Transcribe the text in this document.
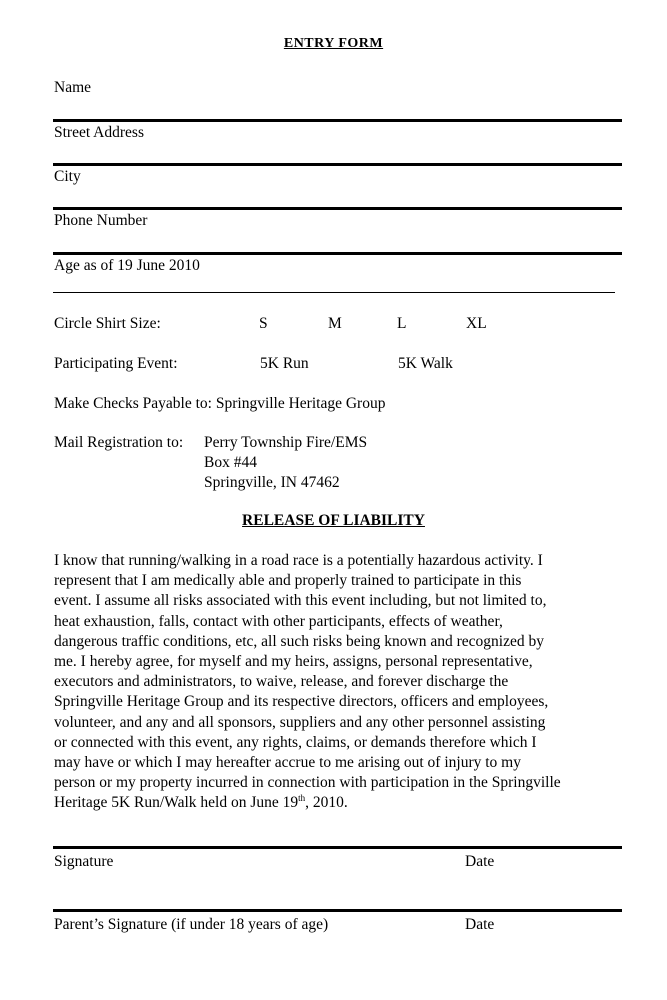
ENTRY FORM
Name
Street Address
City
Phone Number
Age as of 19 June 2010
Circle Shirt Size:	S	M	L	XL
Participating Event:	5K Run	5K Walk
Make Checks Payable to: Springville Heritage Group
Mail Registration to: Perry Township Fire/EMS
Box #44
Springville, IN 47462
RELEASE OF LIABILITY
I know that running/walking in a road race is a potentially hazardous activity. I
represent that I am medically able and properly trained to participate in this
event. I assume all risks associated with this event including, but not limited to,
heat exhaustion, falls, contact with other participants, effects of weather,
dangerous traffic conditions, etc, all such risks being known and recognized by
me. I hereby agree, for myself and my heirs, assigns, personal representative,
executors and administrators, to waive, release, and forever discharge the
Springville Heritage Group and its respective directors, officers and employees,
volunteer, and any and all sponsors, suppliers and any other personnel assisting
or connected with this event, any rights, claims, or demands therefore which I
may have or which I may hereafter accrue to me arising out of injury to my
person or my property incurred in connection with participation in the Springville
Heritage 5K Run/Walk held on June 19th, 2010.
Signature	Date
Parent’s Signature (if under 18 years of age)	Date
